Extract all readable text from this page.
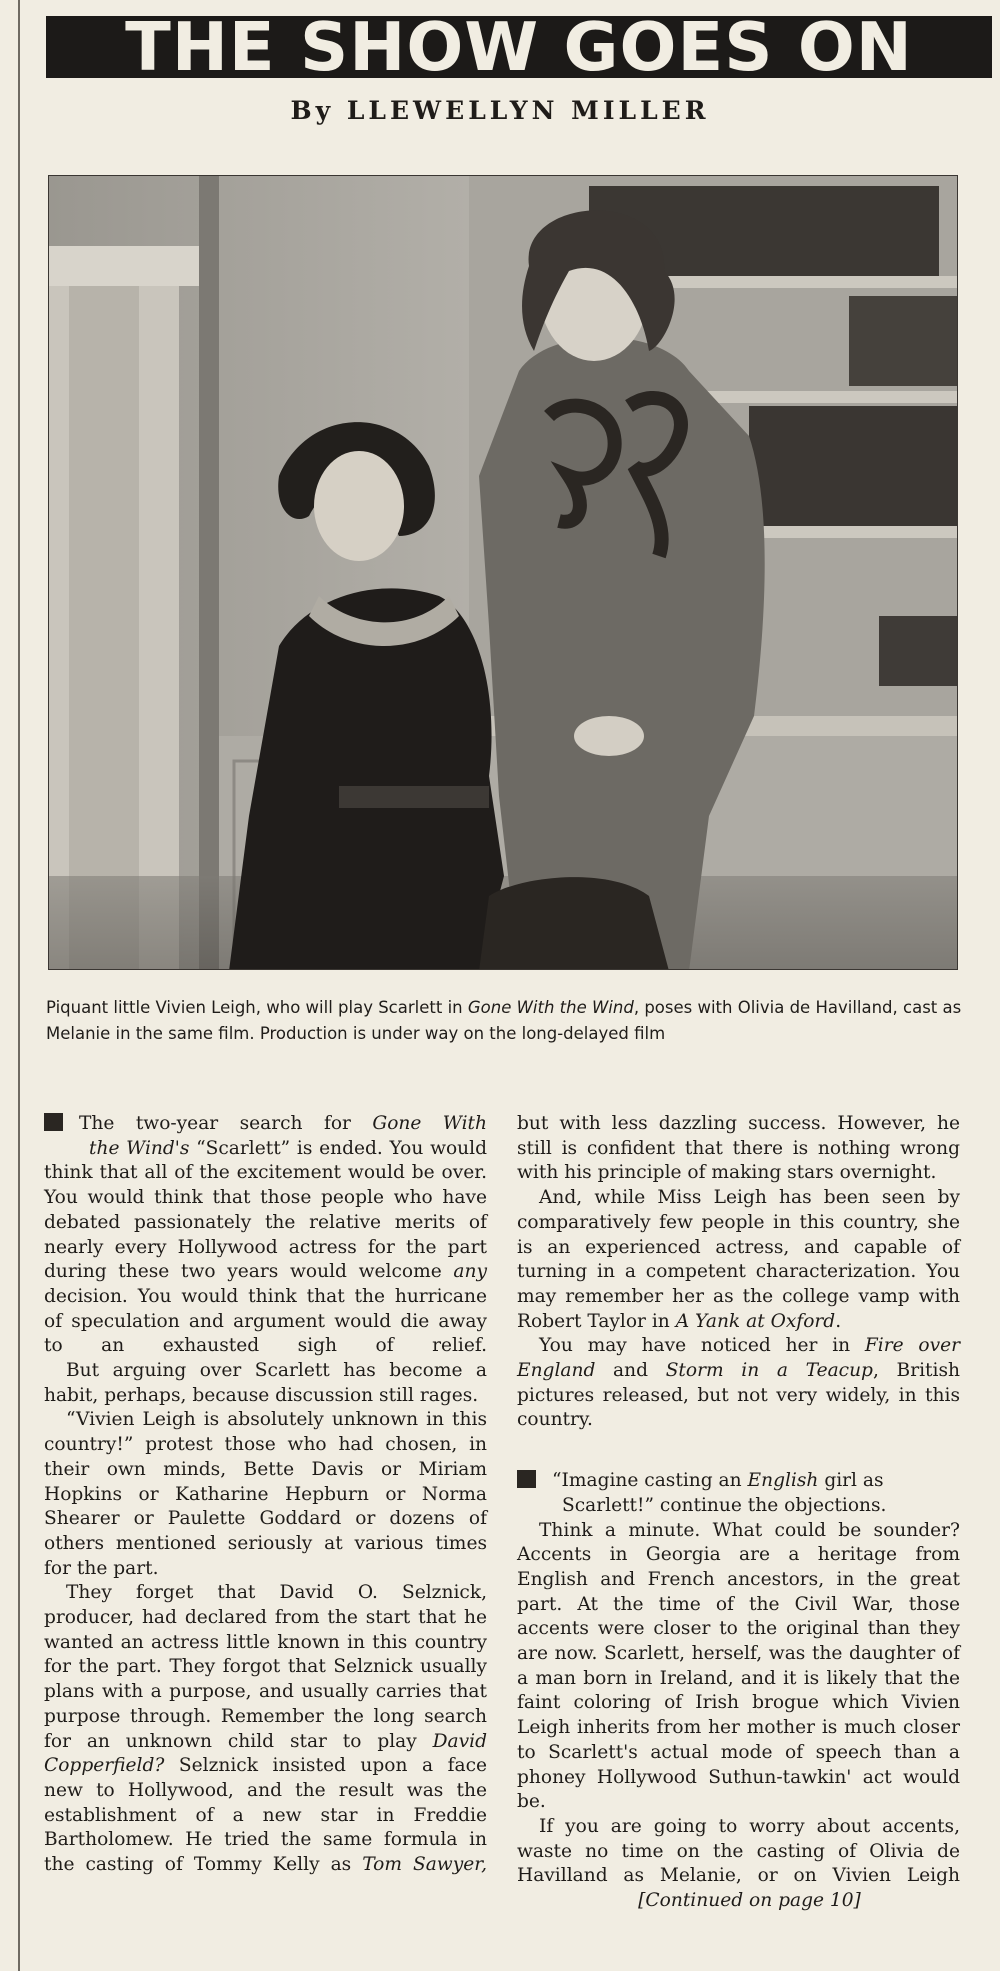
THE SHOW GOES ON
By LLEWELLYN MILLER
Piquant little Vivien Leigh, who will play Scarlett in Gone With the Wind, poses with Olivia de Havilland, cast as Melanie in the same film. Production is under way on the long-delayed film

The two-year search for Gone With
the Wind's “Scarlett” is ended. You would think that all of the excitement would be over. You would think that those people who have debated passionately the relative merits of nearly every Hollywood actress for the part during these two years would welcome any decision. You would think that the hurricane of speculation and argument would die away to an exhausted sigh of relief.

But arguing over Scarlett has become a habit, perhaps, because discussion still rages.

“Vivien Leigh is absolutely unknown in this country!” protest those who had chosen, in their own minds, Bette Davis or Miriam Hopkins or Katharine Hepburn or Norma Shearer or Paulette Goddard or dozens of others mentioned seriously at various times for the part.

They forget that David O. Selznick, producer, had declared from the start that he wanted an actress little known in this country for the part. They forgot that Selznick usually plans with a purpose, and usually carries that purpose through. Remember the long search for an unknown child star to play David Copperfield? Selznick insisted upon a face new to Hollywood, and the result was the establishment of a new star in Freddie Bartholomew. He tried the same formula in the casting of Tommy Kelly as Tom Sawyer,

but with less dazzling success. However, he still is confident that there is nothing wrong with his principle of making stars overnight.

And, while Miss Leigh has been seen by comparatively few people in this country, she is an experienced actress, and capable of turning in a competent characterization. You may remember her as the college vamp with Robert Taylor in A Yank at Oxford.

You may have noticed her in Fire over England and Storm in a Teacup, British pictures released, but not very widely, in this country.

“Imagine casting an English girl as
Scarlett!” continue the objections.

Think a minute. What could be sounder? Accents in Georgia are a heritage from English and French ancestors, in the great part. At the time of the Civil War, those accents were closer to the original than they are now. Scarlett, herself, was the daughter of a man born in Ireland, and it is likely that the faint coloring of Irish brogue which Vivien Leigh inherits from her mother is much closer to Scarlett's actual mode of speech than a phoney Hollywood Suthun-tawkin' act would be.

If you are going to worry about accents, waste no time on the casting of Olivia de Havilland as Melanie, or on Vivien Leigh

[Continued on page 10]
